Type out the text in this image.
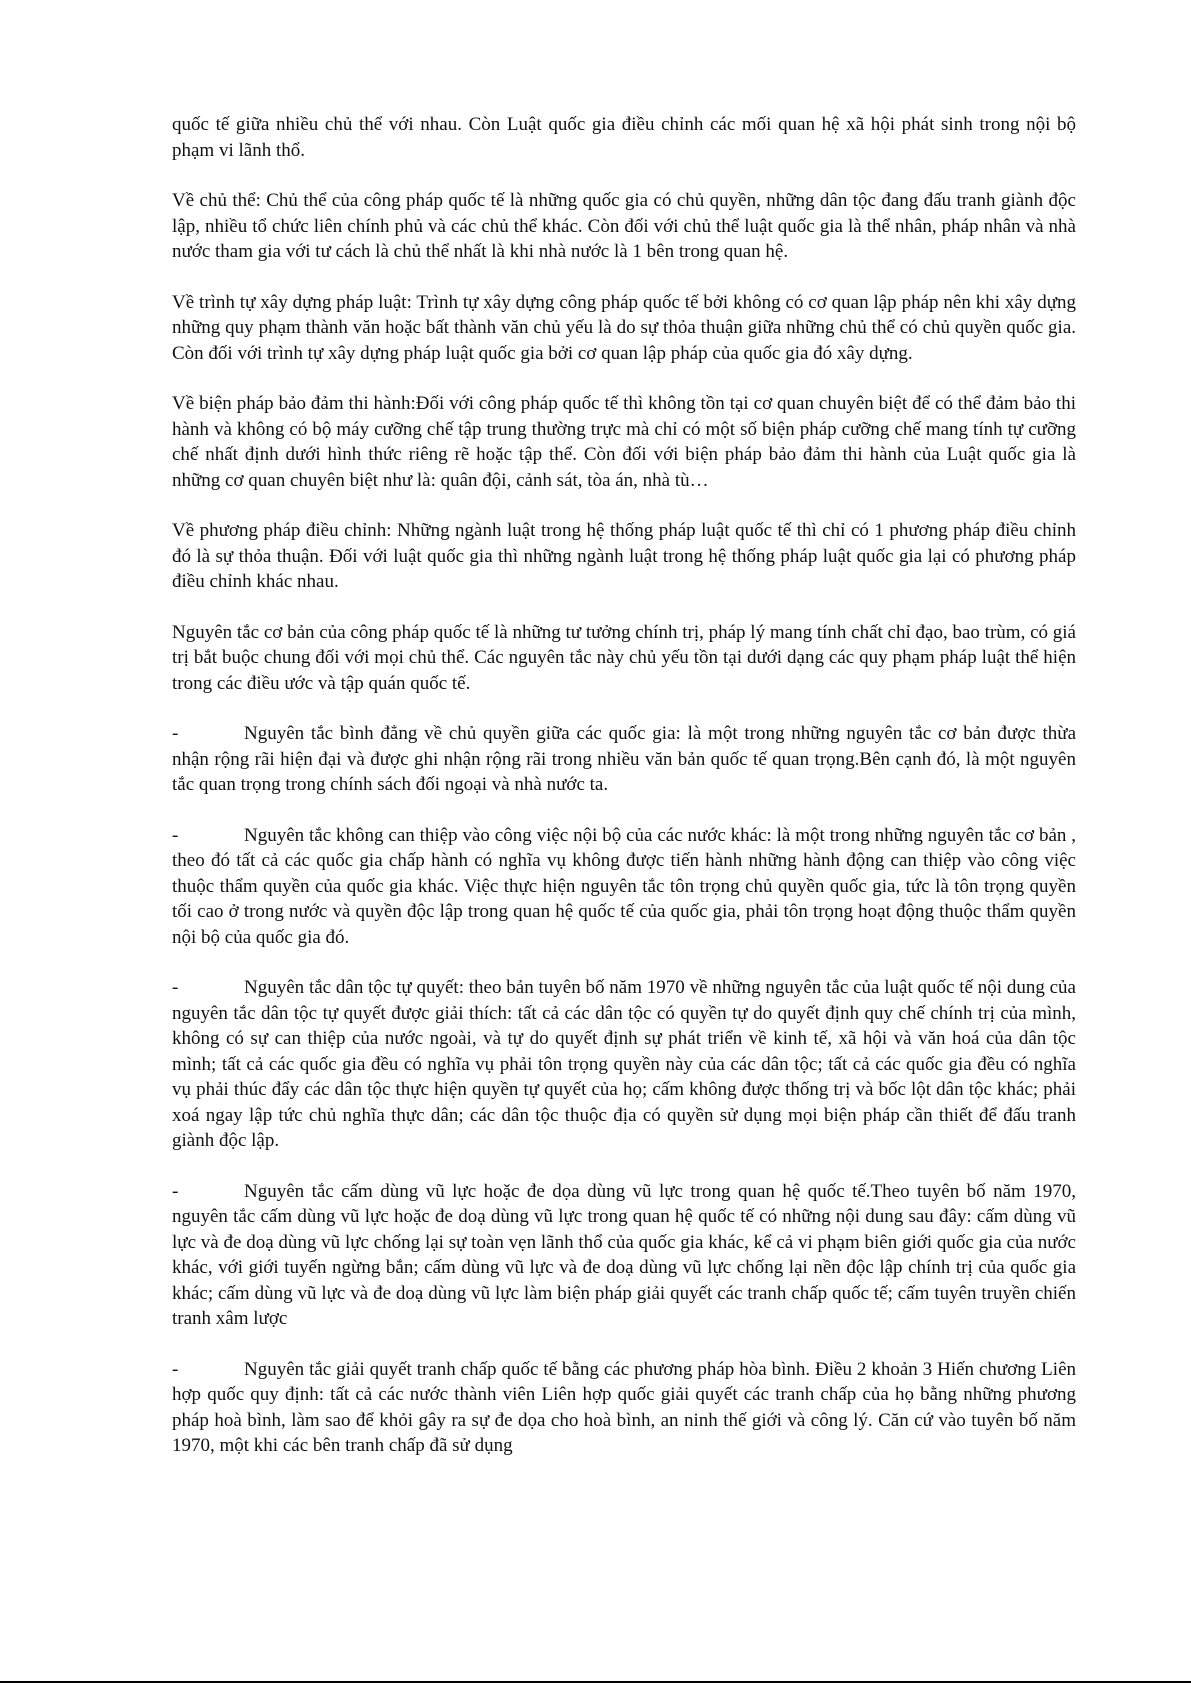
quốc tế giữa nhiều chủ thể với nhau. Còn Luật quốc gia điều chỉnh các mối quan hệ xã hội phát sinh trong nội bộ phạm vi lãnh thổ.

Về chủ thể: Chủ thể của công pháp quốc tế là những quốc gia có chủ quyền, những dân tộc đang đấu tranh giành độc lập, nhiều tổ chức liên chính phủ và các chủ thể khác. Còn đối với chủ thể luật quốc gia là thể nhân, pháp nhân và nhà nước tham gia với tư cách là chủ thể nhất là khi nhà nước là 1 bên trong quan hệ.

Về trình tự xây dựng pháp luật: Trình tự xây dựng công pháp quốc tế bởi không có cơ quan lập pháp nên khi xây dựng những quy phạm thành văn hoặc bất thành văn chủ yếu là do sự thỏa thuận giữa những chủ thể có chủ quyền quốc gia. Còn đối với trình tự xây dựng pháp luật quốc gia bởi cơ quan lập pháp của quốc gia đó xây dựng.

Về biện pháp bảo đảm thi hành:Đối với công pháp quốc tế thì không tồn tại cơ quan chuyên biệt để có thể đảm bảo thi hành và không có bộ máy cưỡng chế tập trung thường trực mà chỉ có một số biện pháp cưỡng chế mang tính tự cưỡng chế nhất định dưới hình thức riêng rẽ hoặc tập thể. Còn đối với biện pháp bảo đảm thi hành của Luật quốc gia là những cơ quan chuyên biệt như là: quân đội, cảnh sát, tòa án, nhà tù…

Về phương pháp điều chỉnh: Những ngành luật trong hệ thống pháp luật quốc tế thì chỉ có 1 phương pháp điều chỉnh đó là sự thỏa thuận. Đối với luật quốc gia thì những ngành luật trong hệ thống pháp luật quốc gia lại có phương pháp điều chỉnh khác nhau.

Nguyên tắc cơ bản của công pháp quốc tế là những tư tưởng chính trị, pháp lý mang tính chất chỉ đạo, bao trùm, có giá trị bắt buộc chung đối với mọi chủ thể. Các nguyên tắc này chủ yếu tồn tại dưới dạng các quy phạm pháp luật thể hiện trong các điều ước và tập quán quốc tế.

-	Nguyên tắc bình đẳng về chủ quyền giữa các quốc gia: là một trong những nguyên tắc cơ bản được thừa nhận rộng rãi hiện đại và được ghi nhận rộng rãi trong nhiều văn bản quốc tế quan trọng.Bên cạnh đó, là một nguyên tắc quan trọng trong chính sách đối ngoại và nhà nước ta.

-	Nguyên tắc không can thiệp vào công việc nội bộ của các nước khác: là một trong những nguyên tắc cơ bản , theo đó tất cả các quốc gia chấp hành có nghĩa vụ không được tiến hành những hành động can thiệp vào công việc thuộc thẩm quyền của quốc gia khác. Việc thực hiện nguyên tắc tôn trọng chủ quyền quốc gia, tức là tôn trọng quyền tối cao ở trong nước và quyền độc lập trong quan hệ quốc tế của quốc gia, phải tôn trọng hoạt động thuộc thẩm quyền nội bộ của quốc gia đó.

-	Nguyên tắc dân tộc tự quyết: theo bản tuyên bố năm 1970 về những nguyên tắc của luật quốc tế nội dung của nguyên tắc dân tộc tự quyết được giải thích: tất cả các dân tộc có quyền tự do quyết định quy chế chính trị của mình, không có sự can thiệp của nước ngoài, và tự do quyết định sự phát triển về kinh tế, xã hội và văn hoá của dân tộc mình; tất cả các quốc gia đều có nghĩa vụ phải tôn trọng quyền này của các dân tộc; tất cả các quốc gia đều có nghĩa vụ phải thúc đẩy các dân tộc thực hiện quyền tự quyết của họ; cấm không được thống trị và bốc lột dân tộc khác; phải xoá ngay lập tức chủ nghĩa thực dân; các dân tộc thuộc địa có quyền sử dụng mọi biện pháp cần thiết để đấu tranh giành độc lập.

-	Nguyên tắc cấm dùng vũ lực hoặc đe dọa dùng vũ lực trong quan hệ quốc tế.Theo tuyên bố năm 1970, nguyên tắc cấm dùng vũ lực hoặc đe doạ dùng vũ lực trong quan hệ quốc tế có những nội dung sau đây: cấm dùng vũ lực và đe doạ dùng vũ lực chống lại sự toàn vẹn lãnh thổ của quốc gia khác, kể cả vi phạm biên giới quốc gia của nước khác, với giới tuyến ngừng bắn; cấm dùng vũ lực và đe doạ dùng vũ lực chống lại nền độc lập chính trị của quốc gia khác; cấm dùng vũ lực và đe doạ dùng vũ lực làm biện pháp giải quyết các tranh chấp quốc tế; cấm tuyên truyền chiến tranh xâm lược

-	Nguyên tắc giải quyết tranh chấp quốc tế bằng các phương pháp hòa bình. Điều 2 khoản 3 Hiến chương Liên hợp quốc quy định: tất cả các nước thành viên Liên hợp quốc giải quyết các tranh chấp của họ bằng những phương pháp hoà bình, làm sao để khỏi gây ra sự đe dọa cho hoà bình, an ninh thế giới và công lý. Căn cứ vào tuyên bố năm 1970, một khi các bên tranh chấp đã sử dụng
